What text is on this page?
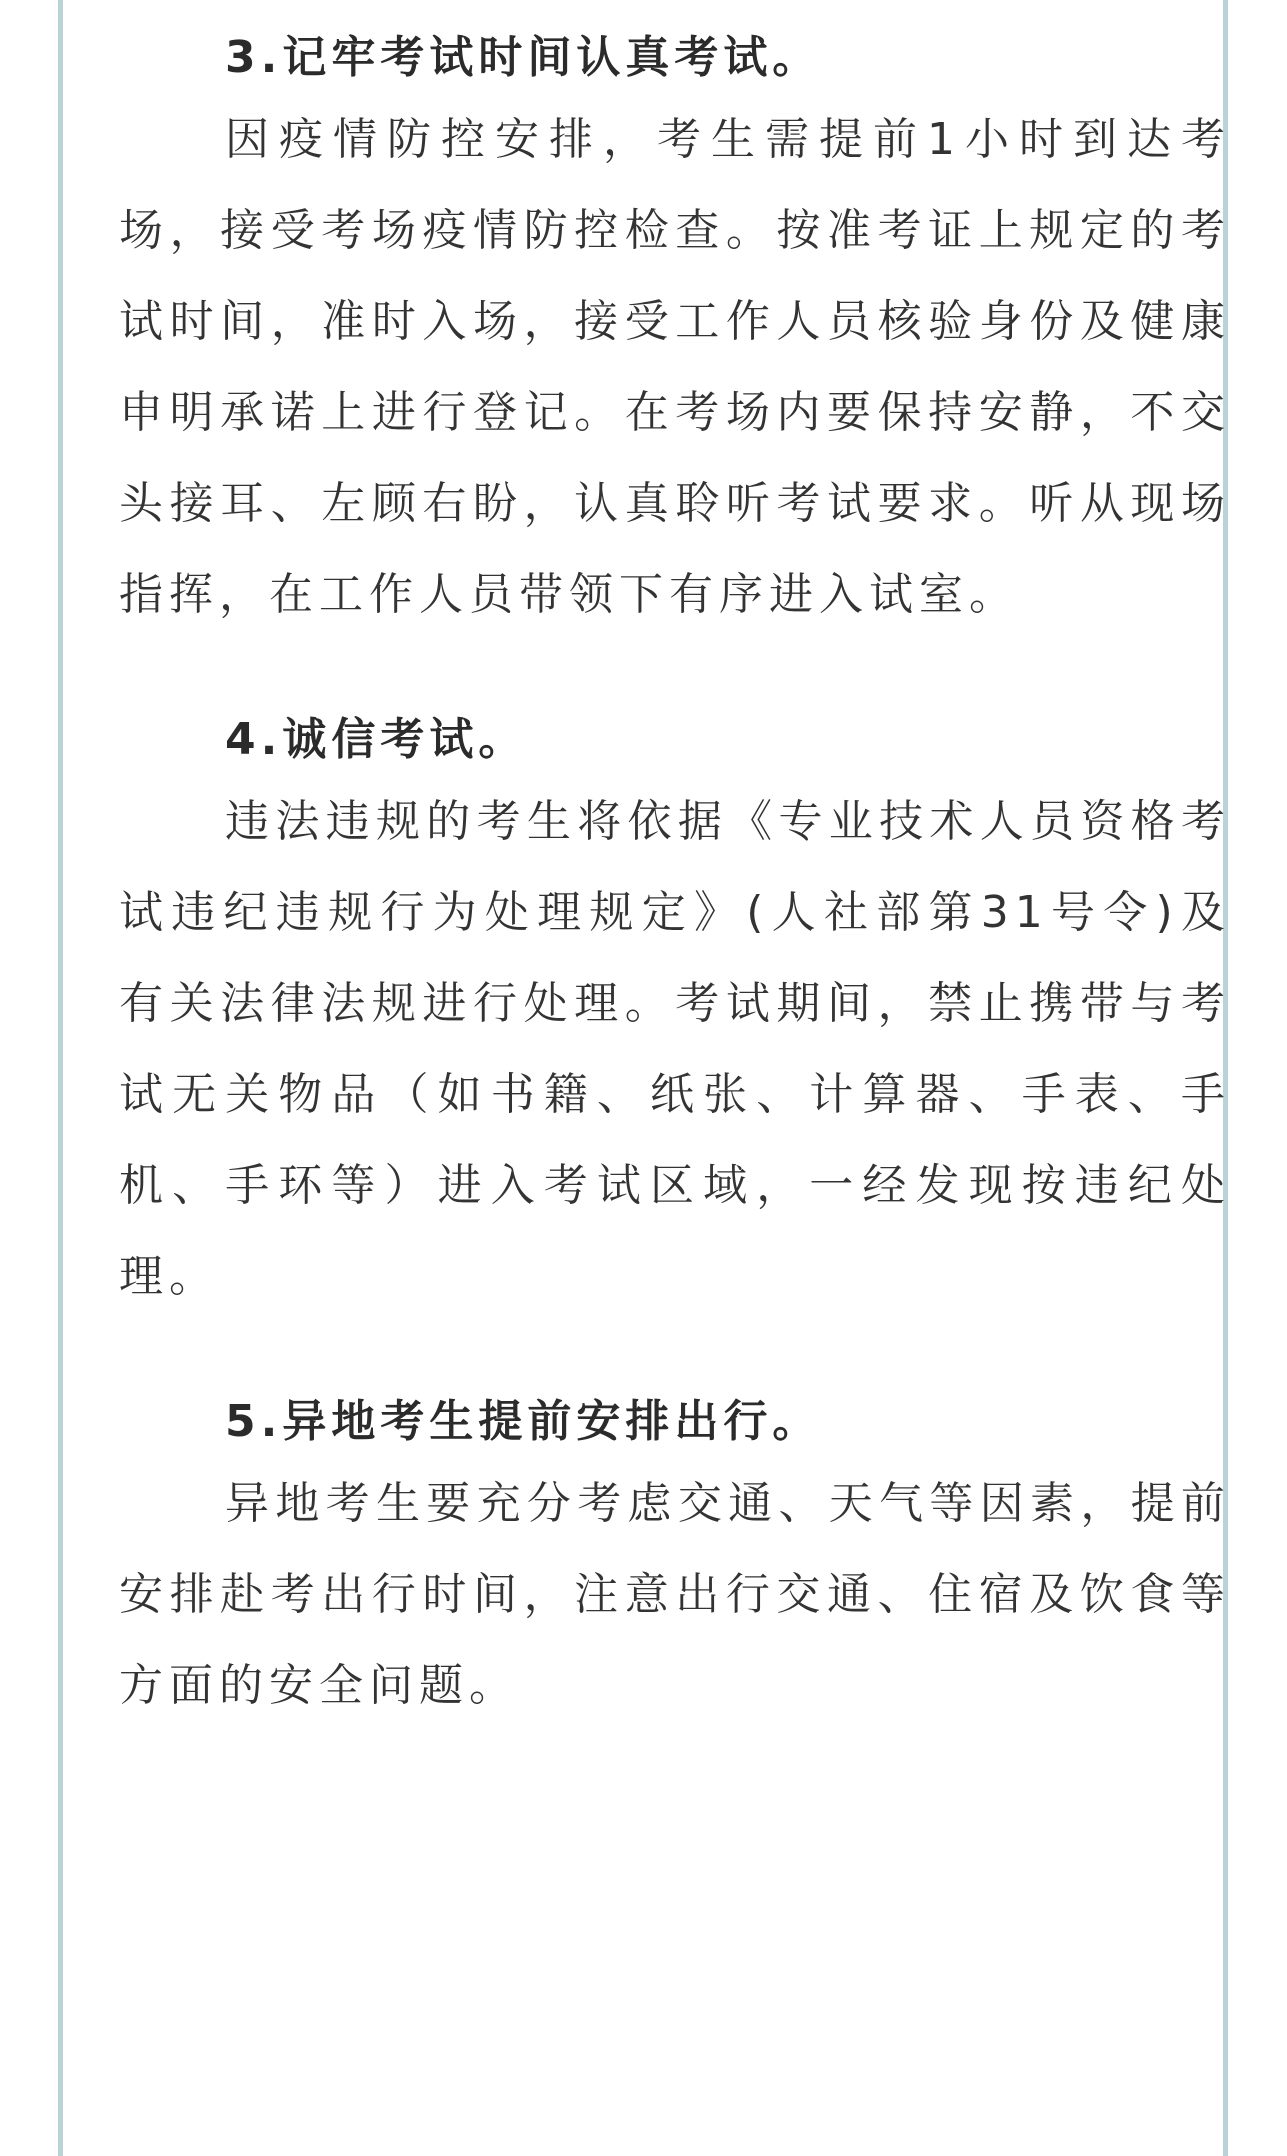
3.记牢考试时间认真考试。

因疫情防控安排，考生需提前1小时到达考场，接受考场疫情防控检查。按准考证上规定的考试时间，准时入场，接受工作人员核验身份及健康申明承诺上进行登记。在考场内要保持安静，不交头接耳、左顾右盼，认真聆听考试要求。听从现场指挥，在工作人员带领下有序进入试室。

4.诚信考试。

违法违规的考生将依据《专业技术人员资格考试违纪违规行为处理规定》(人社部第31号令)及有关法律法规进行处理。考试期间，禁止携带与考试无关物品（如书籍、纸张、计算器、手表、手机、手环等）进入考试区域，一经发现按违纪处理。

5.异地考生提前安排出行。

异地考生要充分考虑交通、天气等因素，提前安排赴考出行时间，注意出行交通、住宿及饮食等方面的安全问题。
